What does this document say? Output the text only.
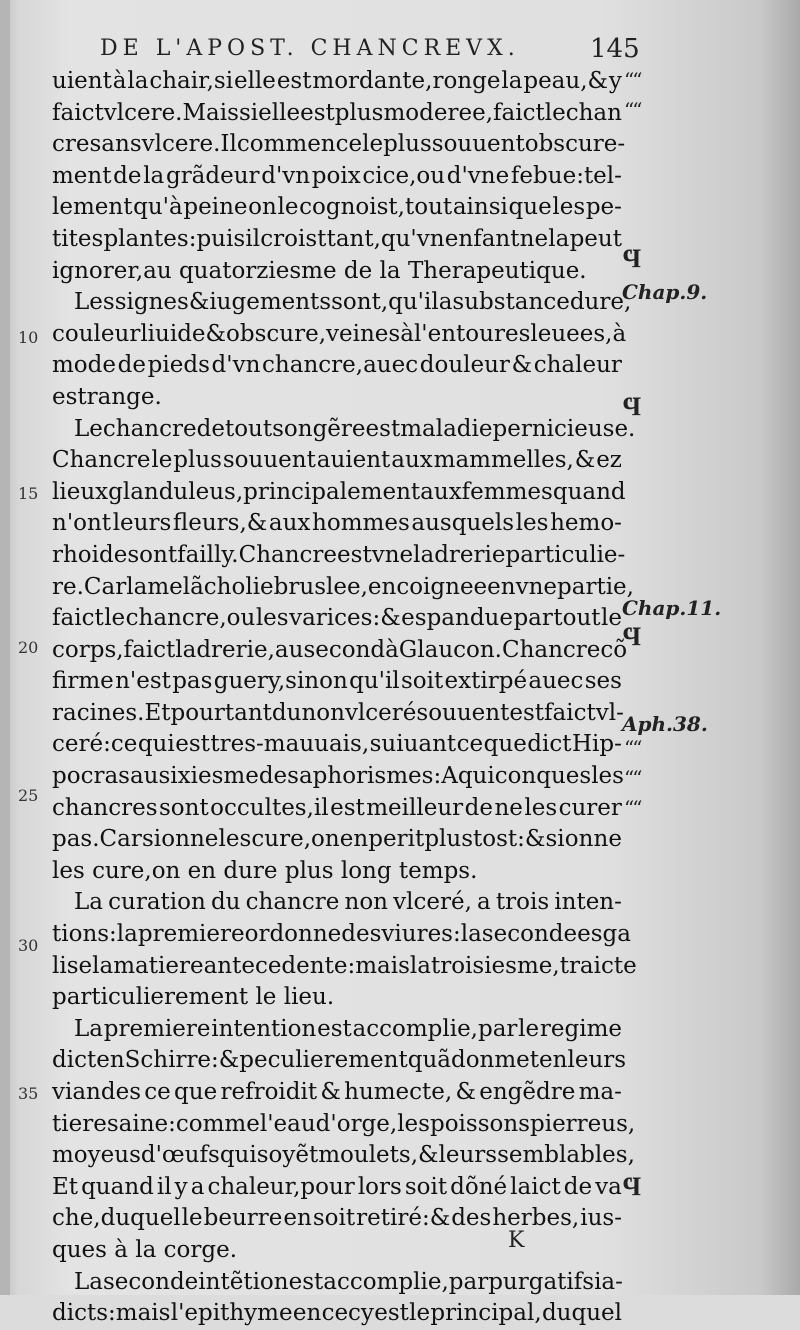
DE L'APOST. CHANCREVX.	145
uient à la chair,si elle est mordante,ronge la peau,& y
faict vlcere.Mais si elle est plus moderee,faict le chan
cre sans vlcere.Il commence le plus souuent obscure-
ment de la grãdeur d'vn poix cice,ou d'vne febue:tel-
lement qu'à peine on le cognoist,tout ainsi que les pe-
tites plantes:puis il croist tant,qu'vn enfant ne la peut
ignorer,au quatorziesme de la Therapeutique.
Les signes & iugements sont,qu'il a substance dure,
couleur liuide & obscure,veines à l'entour esleuees,à
mode de pieds d'vn chancre,auec douleur & chaleur
estrange.
Le chancre de tout son gẽre est maladie pernicieuse.
Chancre le plus souuent auient aux mammelles, & ez
lieux glanduleus, principalement aux femmes quand
n'ont leurs fleurs,& aux hommes ausquels les hemo-
rhoides ont failly.Chancre est vne ladrerie particulie-
re.Car la melãcholie bruslee,encoignee en vne partie,
faict le chancre,ou les varices:& espandue par tout le
corps,faict ladrerie,au second à Glaucon.Chancre cõ
firme n'est pas guery,sinon qu'il soit extirpé auec ses
racines.Et pourtant du non vlceré souuent est faict vl-
ceré:ce qui est tres-mauuais, suiuant ce que dict Hip-
pocras au sixiesme des aphorismes:A quiconques les
chancres sont occultes,il est meilleur de ne les curer
pas.Car si on ne les cure,on en perit plustost:& si on ne
les cure,on en dure plus long temps.
La curation du chancre non vlceré, a trois inten-
tions:la premiere ordonne des viures:la seconde esga
lise la matiere antecedente : mais la troisiesme,traicte
particulierement le lieu.
La premiere intention est accomplie,par le regime
dict en Schirre:& peculierement quãd on met en leurs
viandes ce que refroidit & humecte, & engẽdre ma-
tiere saine:comme l'eau d'orge,les poissons pierreus,
moyeus d'œufs qui soyẽt moulets,& leurs semblables,
Et quand il y a chaleur,pour lors soit dõné laict de va
che,duquel le beurre en soit retiré:& des herbes, ius-
ques à la corge.
La seconde intẽtion est accomplie,par purgatifs ia-
dicts:mais l'epithyme en cecy est le principal, duquel
10
15
20
25
30
35
““
““
Ϥ
Chap.9.
Ϥ
Chap.11.
Ϥ
Aph.38.
““
““
““
Ϥ
K
